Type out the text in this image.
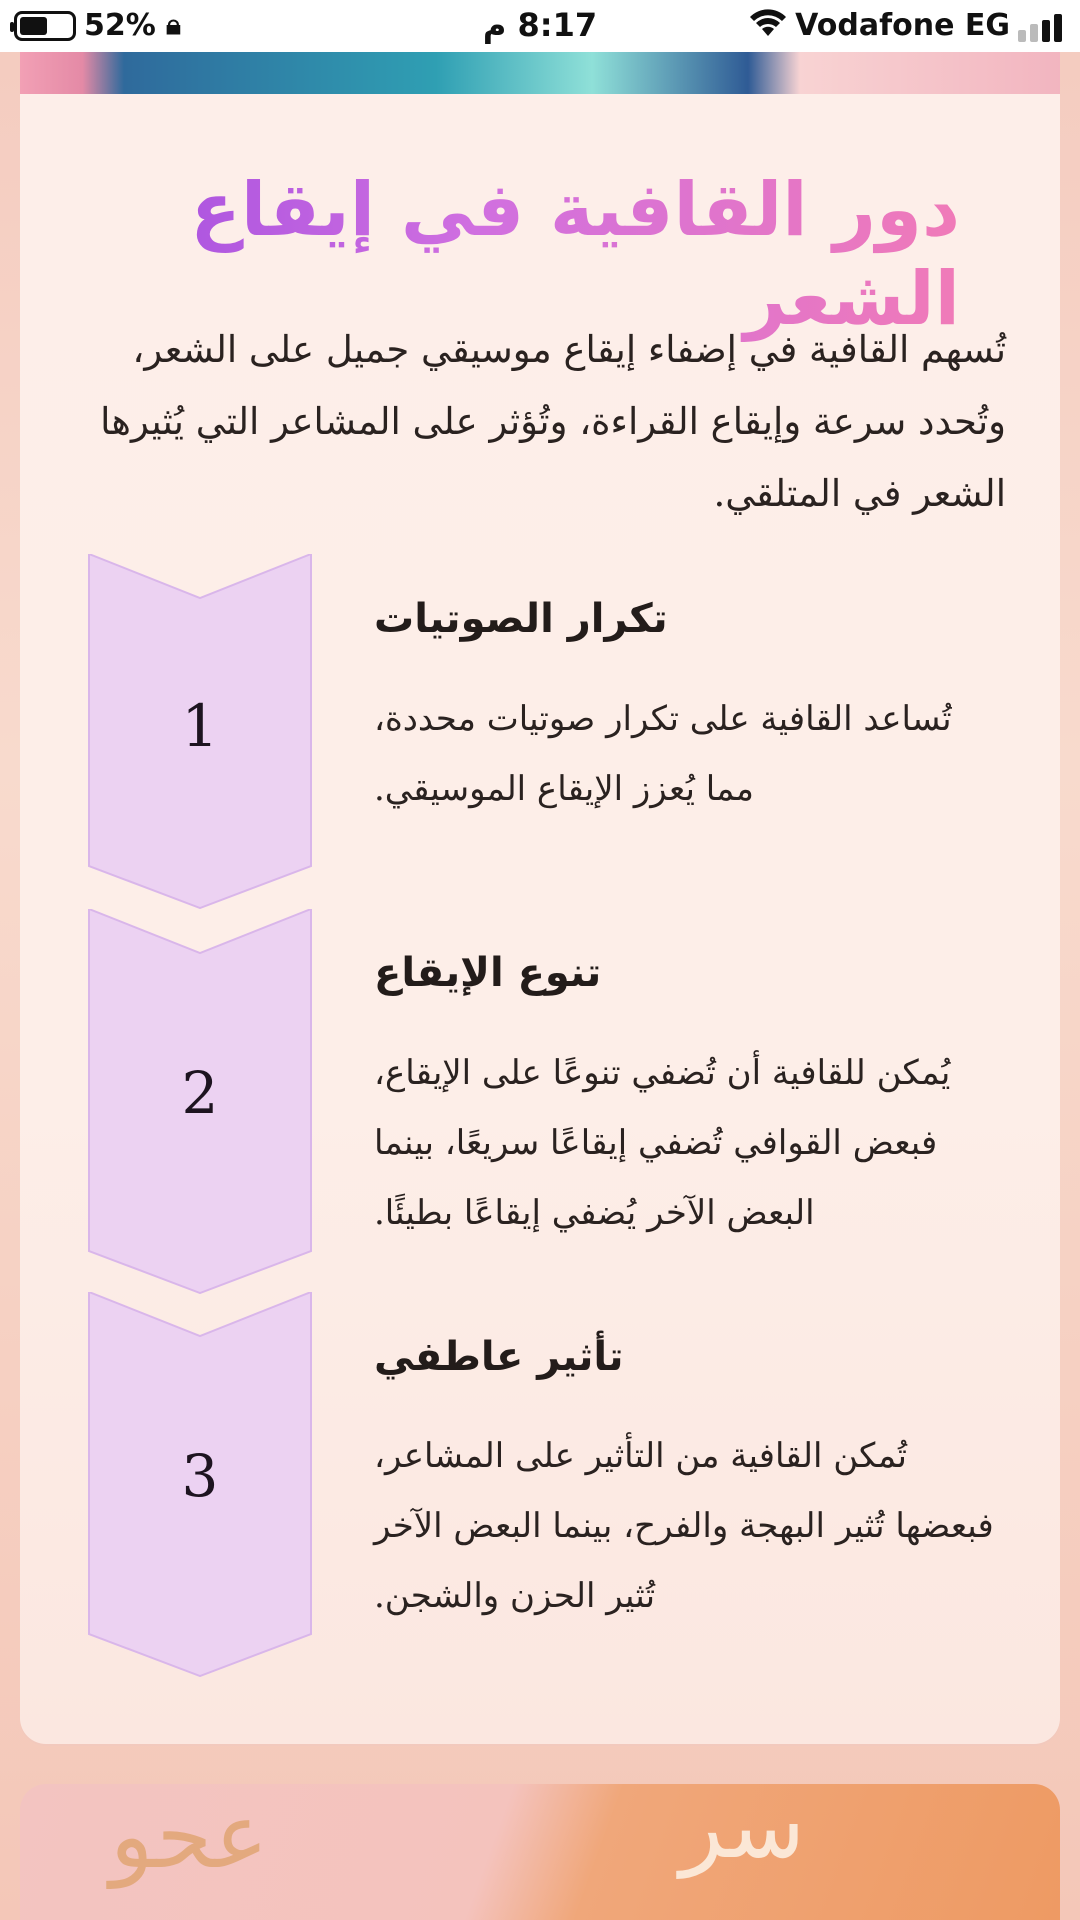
52% 🔒︎	8:17 م	Vodafone EG
دور القافية في إيقاع الشعر
تُسهم القافية في إضفاء إيقاع موسيقي جميل على الشعر، وتُحدد سرعة وإيقاع القراءة، وتُؤثر على المشاعر التي يُثيرها الشعر في المتلقي.
1
تكرار الصوتيات
تُساعد القافية على تكرار صوتيات محددة، مما يُعزز الإيقاع الموسيقي.
2
تنوع الإيقاع
يُمكن للقافية أن تُضفي تنوعًا على الإيقاع، فبعض القوافي تُضفي إيقاعًا سريعًا، بينما البعض الآخر يُضفي إيقاعًا بطيئًا.
3
تأثير عاطفي
تُمكن القافية من التأثير على المشاعر، فبعضها تُثير البهجة والفرح، بينما البعض الآخر تُثير الحزن والشجن.
ﻋﺤﻮ	ﺳﺮ
